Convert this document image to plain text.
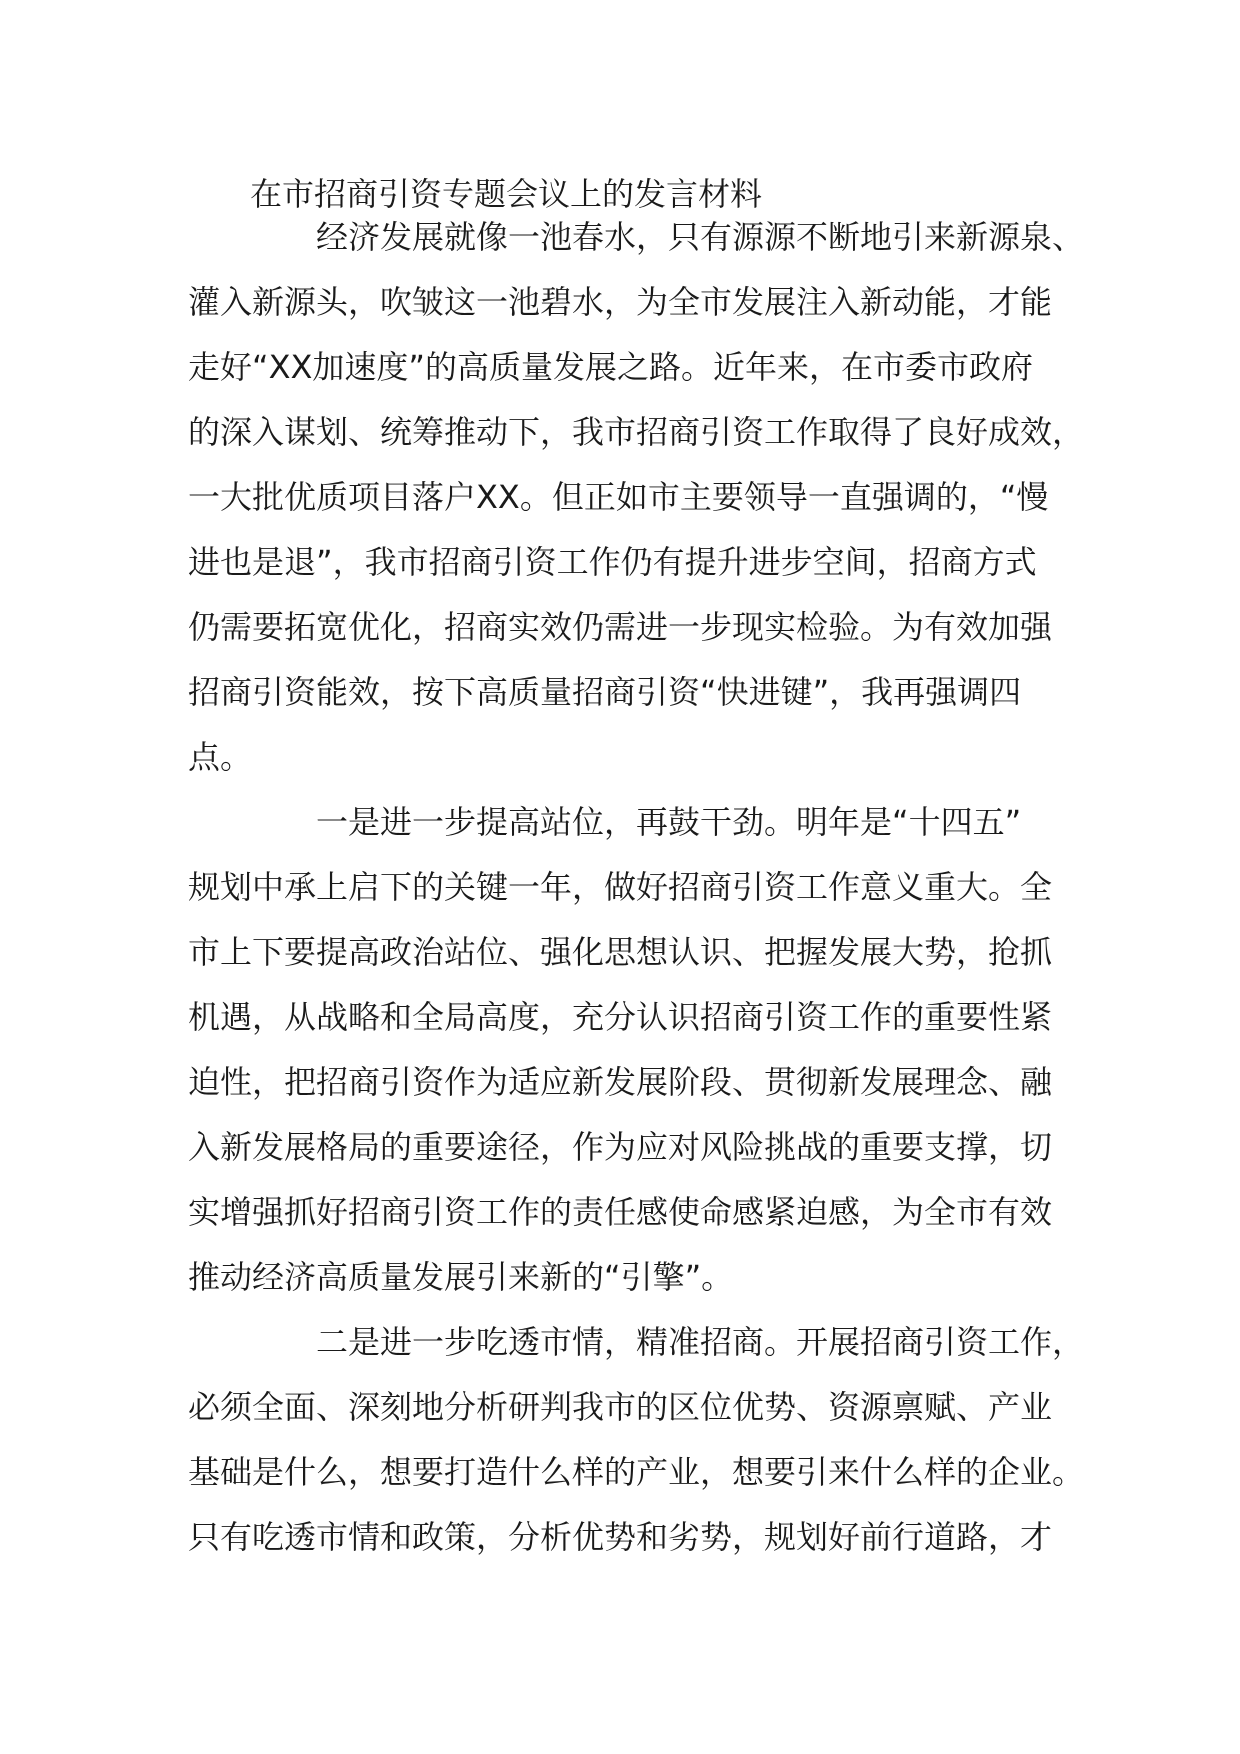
在市招商引资专题会议上的发言材料
经济发展就像一池春水，只有源源不断地引来新源泉、
灌入新源头，吹皱这一池碧水，为全市发展注入新动能，才能
走好“XX加速度”的高质量发展之路。近年来，在市委市政府
的深入谋划、统筹推动下，我市招商引资工作取得了良好成效，
一大批优质项目落户XX。但正如市主要领导一直强调的，“慢
进也是退”，我市招商引资工作仍有提升进步空间，招商方式
仍需要拓宽优化，招商实效仍需进一步现实检验。为有效加强
招商引资能效，按下高质量招商引资“快进键”，我再强调四
点。
一是进一步提高站位，再鼓干劲。明年是“十四五”
规划中承上启下的关键一年，做好招商引资工作意义重大。全
市上下要提高政治站位、强化思想认识、把握发展大势，抢抓
机遇，从战略和全局高度，充分认识招商引资工作的重要性紧
迫性，把招商引资作为适应新发展阶段、贯彻新发展理念、融
入新发展格局的重要途径，作为应对风险挑战的重要支撑，切
实增强抓好招商引资工作的责任感使命感紧迫感，为全市有效
推动经济高质量发展引来新的“引擎”。
二是进一步吃透市情，精准招商。开展招商引资工作，
必须全面、深刻地分析研判我市的区位优势、资源禀赋、产业
基础是什么，想要打造什么样的产业，想要引来什么样的企业。
只有吃透市情和政策，分析优势和劣势，规划好前行道路，才
